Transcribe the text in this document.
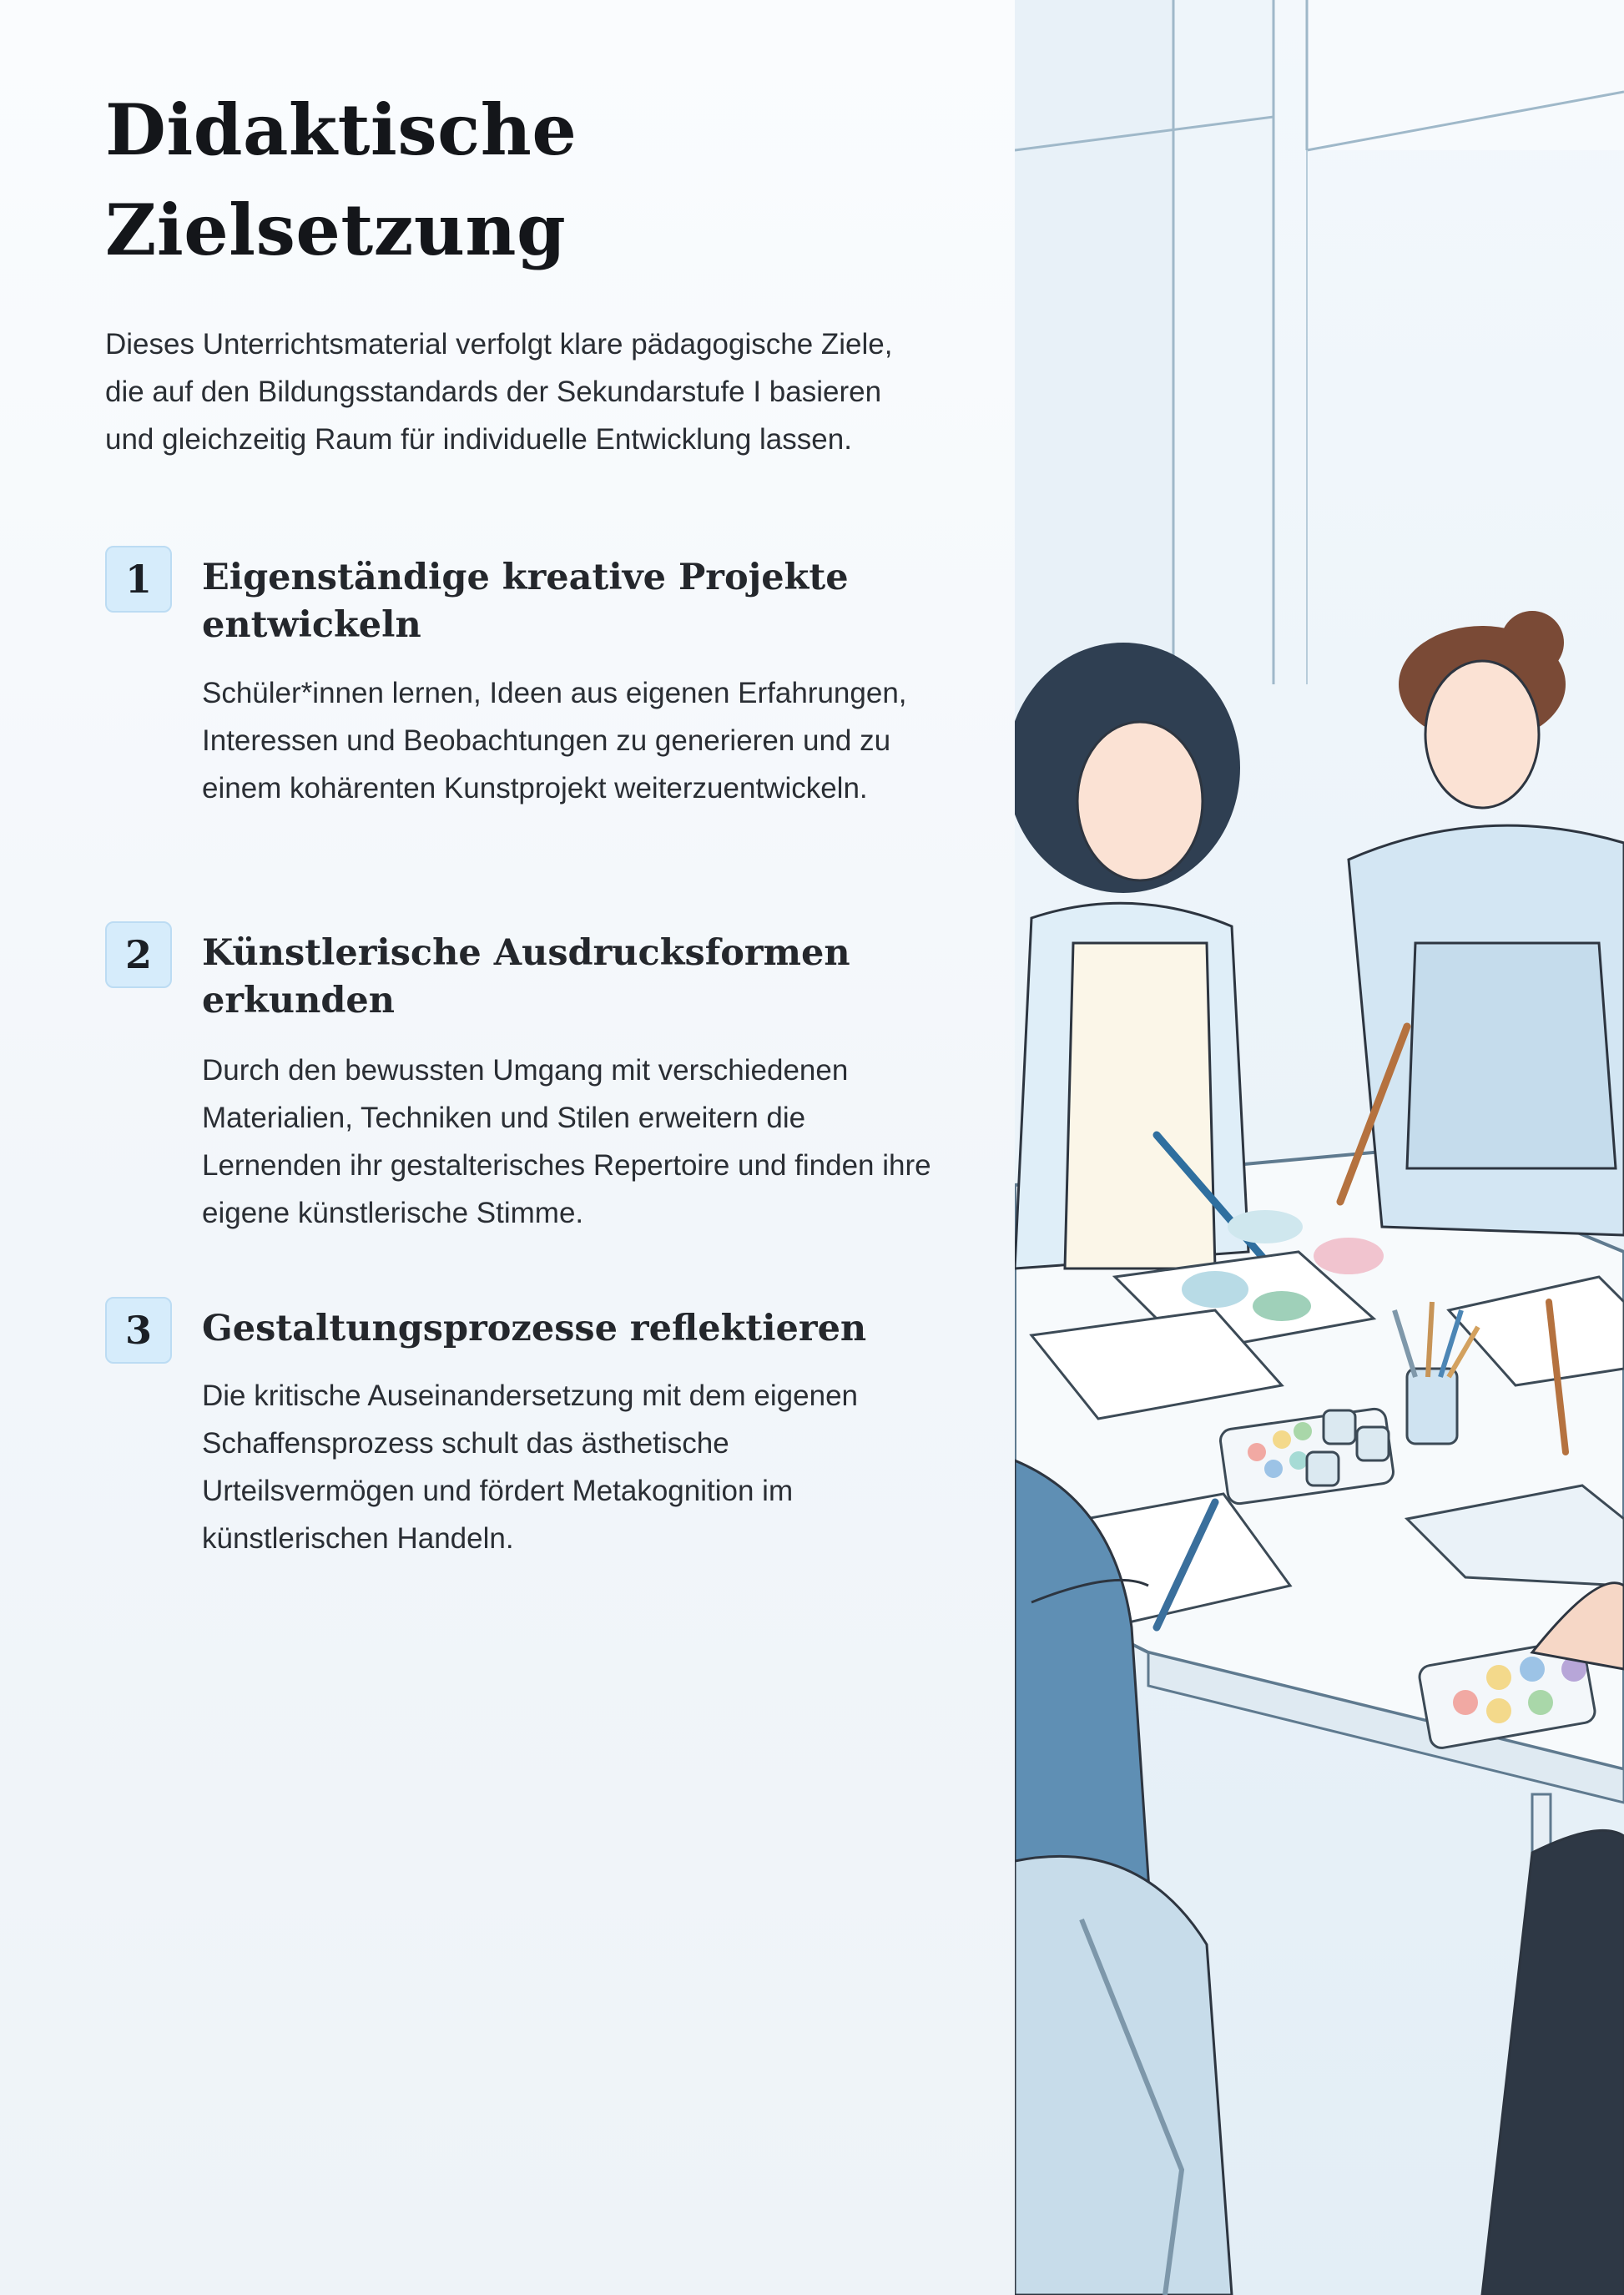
Didaktische Zielsetzung

Dieses Unterrichtsmaterial verfolgt klare pädagogische Ziele, die auf den Bildungsstandards der Sekundarstufe I basieren und gleichzeitig Raum für individuelle Entwicklung lassen.

1	Eigenständige kreative Projekte entwickeln

Schüler*innen lernen, Ideen aus eigenen Erfahrungen, Interessen und Beobachtungen zu generieren und zu einem kohärenten Kunstprojekt weiterzuentwickeln.

2	Künstlerische Ausdrucksformen erkunden

Durch den bewussten Umgang mit verschiedenen Materialien, Techniken und Stilen erweitern die Lernenden ihr gestalterisches Repertoire und finden ihre eigene künstlerische Stimme.

3	Gestaltungsprozesse reflektieren

Die kritische Auseinandersetzung mit dem eigenen Schaffensprozess schult das ästhetische Urteilsvermögen und fördert Metakognition im künstlerischen Handeln.
